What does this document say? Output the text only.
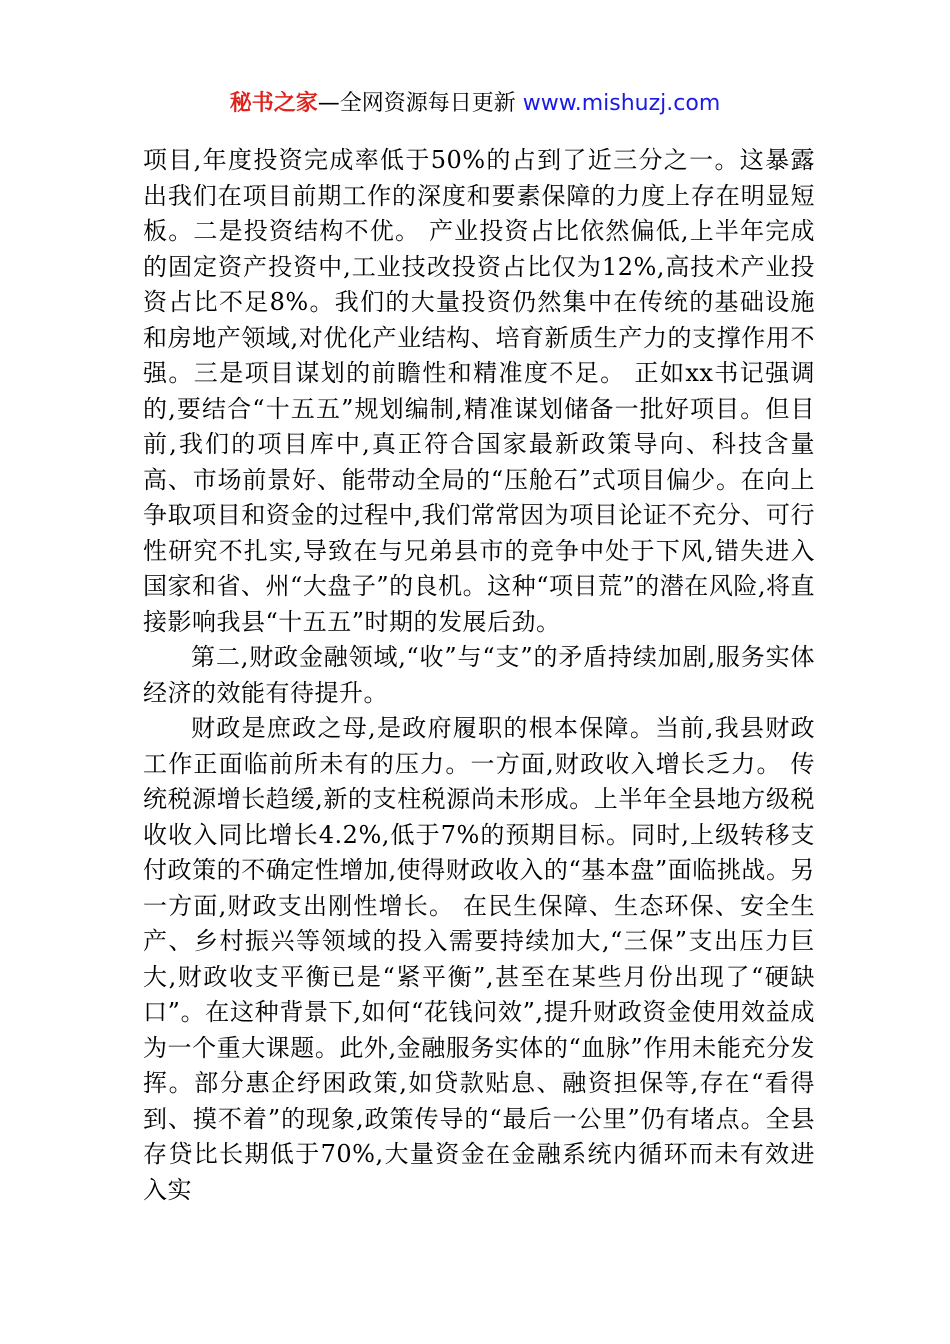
秘书之家—全网资源每日更新 www.mishuzj.com

项目,年度投资完成率低于50%的占到了近三分之一。这暴露出我们在项目前期工作的深度和要素保障的力度上存在明显短板。二是投资结构不优。 产业投资占比依然偏低,上半年完成的固定资产投资中,工业技改投资占比仅为12%,高技术产业投资占比不足8%。我们的大量投资仍然集中在传统的基础设施和房地产领域,对优化产业结构、培育新质生产力的支撑作用不强。三是项目谋划的前瞻性和精准度不足。 正如xx书记强调的,要结合“十五五”规划编制,精准谋划储备一批好项目。但目前,我们的项目库中,真正符合国家最新政策导向、科技含量高、市场前景好、能带动全局的“压舱石”式项目偏少。在向上争取项目和资金的过程中,我们常常因为项目论证不充分、可行性研究不扎实,导致在与兄弟县市的竞争中处于下风,错失进入国家和省、州“大盘子”的良机。这种“项目荒”的潜在风险,将直接影响我县“十五五”时期的发展后劲。

第二,财政金融领域,“收”与“支”的矛盾持续加剧,服务实体经济的效能有待提升。

财政是庶政之母,是政府履职的根本保障。当前,我县财政工作正面临前所未有的压力。一方面,财政收入增长乏力。 传统税源增长趋缓,新的支柱税源尚未形成。上半年全县地方级税收收入同比增长4.2%,低于7%的预期目标。同时,上级转移支付政策的不确定性增加,使得财政收入的“基本盘”面临挑战。另一方面,财政支出刚性增长。 在民生保障、生态环保、安全生产、乡村振兴等领域的投入需要持续加大,“三保”支出压力巨大,财政收支平衡已是“紧平衡”,甚至在某些月份出现了“硬缺口”。在这种背景下,如何“花钱问效”,提升财政资金使用效益成为一个重大课题。此外,金融服务实体的“血脉”作用未能充分发挥。部分惠企纾困政策,如贷款贴息、融资担保等,存在“看得到、摸不着”的现象,政策传导的“最后一公里”仍有堵点。全县存贷比长期低于70%,大量资金在金融系统内循环而未有效进入实
